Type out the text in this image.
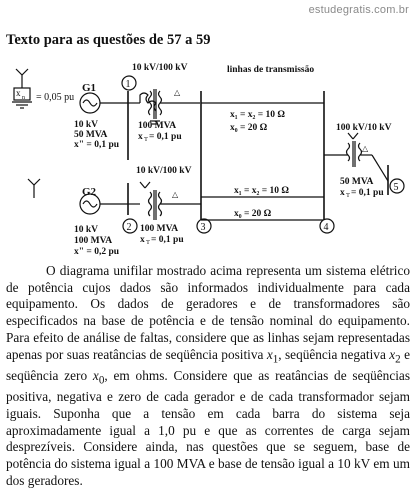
estudegratis.com.br
Texto para as questões de 57 a 59
x n = 0,05 pu
G1
10 kV
50 MVA
x" = 0,1 pu
1
10 kV/100 kV
△
100 MVA
x T = 0,1 pu
linhas de transmissão
x₁ = x₂ = 10 Ω
x₀ = 20 Ω	100 kV/10 kV
△
50 MVA
x T = 0,1 pu 5
G2
10 kV
100 MVA
x" = 0,2 pu
2
10 kV/100 kV
△
100 MVA
x T = 0,1 pu
3
x₁ = x₂ = 10 Ω
x₀ = 20 Ω
4
O diagrama unifilar mostrado acima representa um sistema elétrico de potência cujos dados são informados individualmente para cada equipamento. Os dados de geradores e de transformadores são especificados na base de potência e de tensão nominal do equipamento. Para efeito de análise de faltas, considere que as linhas sejam representadas apenas por suas reatâncias de seqüência positiva $x_1$, seqüência negativa $x_2$ e seqüência zero $x_0$, em ohms. Considere que as reatâncias de seqüências positiva, negativa e zero de cada gerador e de cada transformador sejam iguais. Suponha que a tensão em cada barra do sistema seja aproximadamente igual a 1,0 pu e que as correntes de carga sejam desprezíveis. Considere ainda, nas questões que se seguem, base de potência do sistema igual a 100 MVA e base de tensão igual a 10 kV em um dos geradores.
